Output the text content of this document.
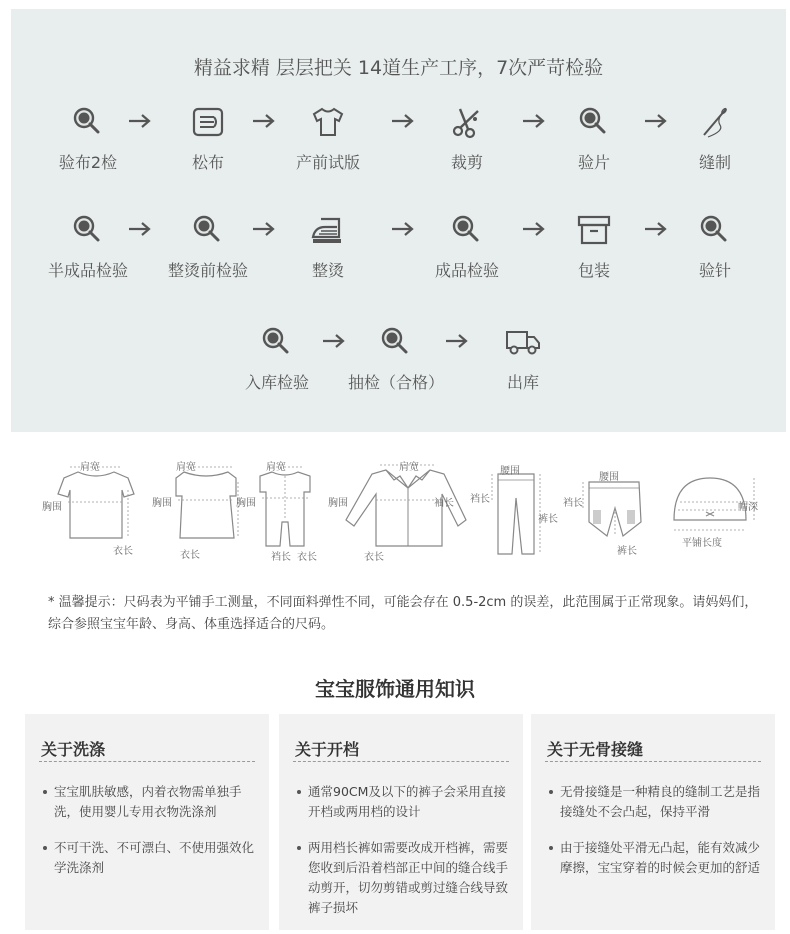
精益求精 层层把关 14道生产工序，7次严苛检验
验布2检	松布	产前试版	裁剪	验片	缝制
半成品检验	整烫前检验	整烫	成品检验	包装	验针
入库检验	抽检（合格）	出库
肩宽
胸围
衣长
肩宽
胸围
衣长
肩宽
胸围
裆长 衣长
肩宽
胸围	袖长
衣长
腰围
裆长
裤长
腰围
裆长
裤长
帽深
平铺长度
* 温馨提示：尺码表为平铺手工测量，不同面料弹性不同，可能会存在 0.5-2cm 的误差，此范围属于正常现象。请妈妈们，综合参照宝宝年龄、身高、体重选择适合的尺码。
宝宝服饰通用知识
关于洗涤
宝宝肌肤敏感，内着衣物需单独手洗，使用婴儿专用衣物洗涤剂
不可干洗、不可漂白、不使用强效化学洗涤剂
关于开档
通常90CM及以下的裤子会采用直接开档或两用档的设计
两用档长裤如需要改成开档裤，需要您收到后沿着档部正中间的缝合线手动剪开，切勿剪错或剪过缝合线导致裤子损坏
关于无骨接缝
无骨接缝是一种精良的缝制工艺是指接缝处不会凸起，保持平滑
由于接缝处平滑无凸起，能有效减少摩擦，宝宝穿着的时候会更加的舒适
